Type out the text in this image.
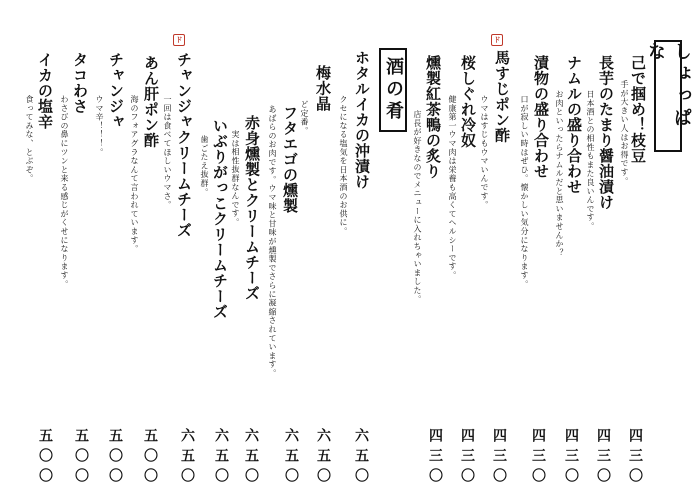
しょっぱな
酒の肴
ド
ド
己で掴め！枝豆
手が大きい人はお得です。
四三〇
長芋のたまり醤油漬け
日本酒との相性もまた良いんです。
四三〇
ナムルの盛り合わせ
お肉といったらナムルだと思いませんか？
四三〇
漬物の盛り合わせ
口が寂しい時はぜひ。懐かしい気分になります。
四三〇
馬すじポン酢
ウマはすじもウマいんです。
四三〇
桜しぐれ冷奴
健康第一ウマ肉は栄養も高くてヘルシーです。
四三〇
燻製紅茶鴨の炙り
店長が好きなのでメニューに入れちゃいました。
四三〇
ホタルイカの沖漬け
クセになる塩気を日本酒のお供に。
六五〇
梅水晶
ど定番。
六五〇
フタエゴの燻製
あばらのお肉です。ウマ味と甘味が燻製でさらに凝縮されています。
六五〇
赤身燻製とクリームチーズ
実は相性抜群なんです。
六五〇
いぶりがっこクリームチーズ
歯ごたえ抜群。
六五〇
チャンジャクリームチーズ
一回は食べてほしいウマさ。
六五〇
あん肝ポン酢
海のフォアグラなんて言われています。
五〇〇
チャンジャ
ウマ辛！！！。
五〇〇
タコわさ
わさびの鼻にツンと来る感じがくせになります。
五〇〇
イカの塩辛
食ってみな、とぶぞ。
五〇〇
